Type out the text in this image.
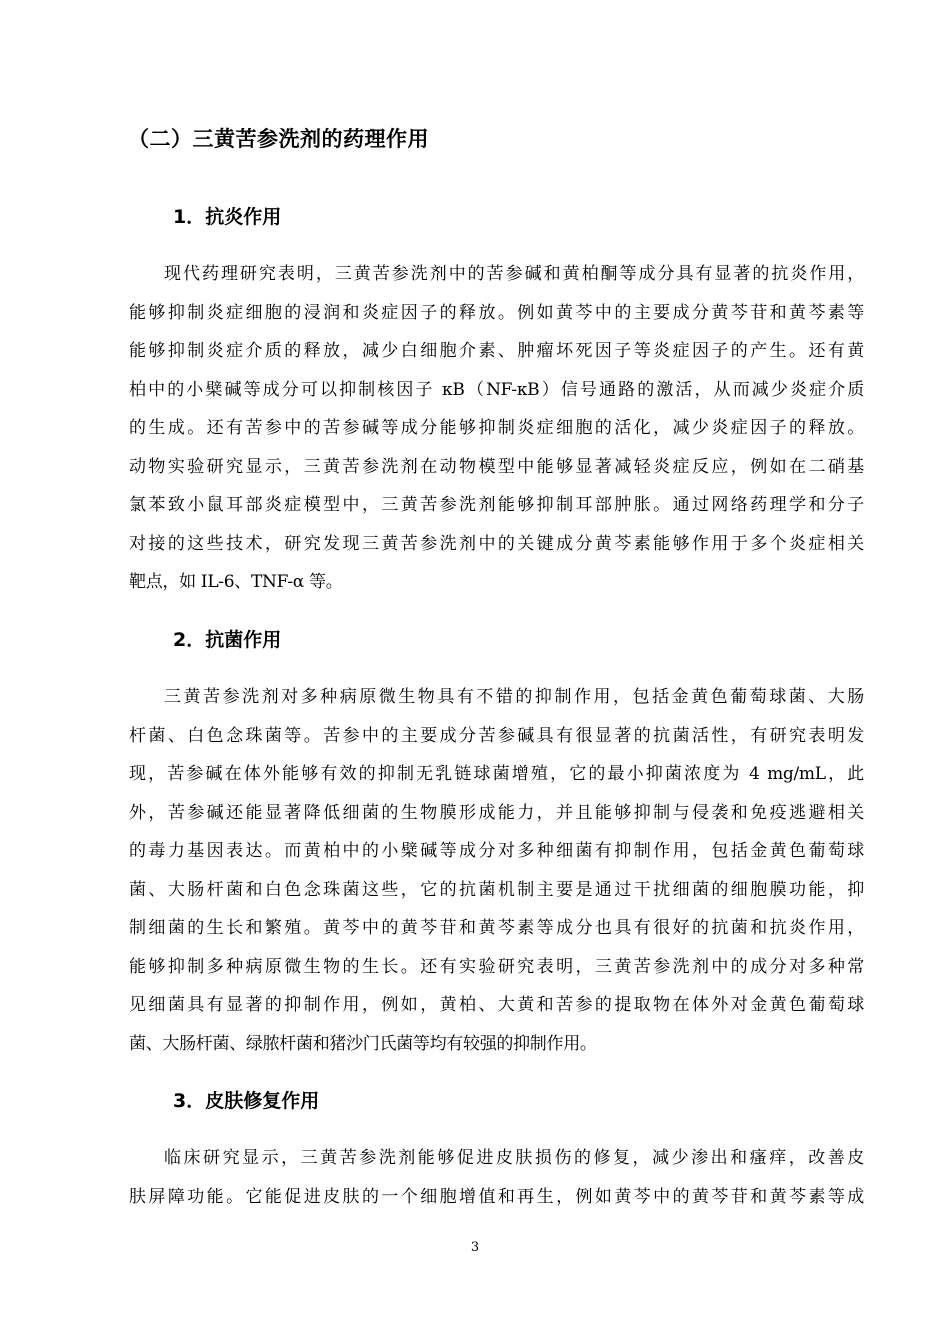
（二）三黄苦参洗剂的药理作用
1．抗炎作用
现代药理研究表明，三黄苦参洗剂中的苦参碱和黄柏酮等成分具有显著的抗炎作用，
能够抑制炎症细胞的浸润和炎症因子的释放。例如黄芩中的主要成分黄芩苷和黄芩素等
能够抑制炎症介质的释放，减少白细胞介素、肿瘤坏死因子等炎症因子的产生。还有黄
柏中的小檗碱等成分可以抑制核因子 κB（NF-κB）信号通路的激活，从而减少炎症介质
的生成。还有苦参中的苦参碱等成分能够抑制炎症细胞的活化，减少炎症因子的释放。
动物实验研究显示，三黄苦参洗剂在动物模型中能够显著减轻炎症反应，例如在二硝基
氯苯致小鼠耳部炎症模型中，三黄苦参洗剂能够抑制耳部肿胀。通过网络药理学和分子
对接的这些技术，研究发现三黄苦参洗剂中的关键成分黄芩素能够作用于多个炎症相关
靶点，如 IL-6、TNF-α 等。
2．抗菌作用
三黄苦参洗剂对多种病原微生物具有不错的抑制作用，包括金黄色葡萄球菌、大肠
杆菌、白色念珠菌等。苦参中的主要成分苦参碱具有很显著的抗菌活性，有研究表明发
现，苦参碱在体外能够有效的抑制无乳链球菌增殖，它的最小抑菌浓度为 4 mg/mL，此
外，苦参碱还能显著降低细菌的生物膜形成能力，并且能够抑制与侵袭和免疫逃避相关
的毒力基因表达。而黄柏中的小檗碱等成分对多种细菌有抑制作用，包括金黄色葡萄球
菌、大肠杆菌和白色念珠菌这些，它的抗菌机制主要是通过干扰细菌的细胞膜功能，抑
制细菌的生长和繁殖。黄芩中的黄芩苷和黄芩素等成分也具有很好的抗菌和抗炎作用，
能够抑制多种病原微生物的生长。还有实验研究表明，三黄苦参洗剂中的成分对多种常
见细菌具有显著的抑制作用，例如，黄柏、大黄和苦参的提取物在体外对金黄色葡萄球
菌、大肠杆菌、绿脓杆菌和猪沙门氏菌等均有较强的抑制作用。
3．皮肤修复作用
临床研究显示，三黄苦参洗剂能够促进皮肤损伤的修复，减少渗出和瘙痒，改善皮
肤屏障功能。它能促进皮肤的一个细胞增值和再生，例如黄芩中的黄芩苷和黄芩素等成

3
